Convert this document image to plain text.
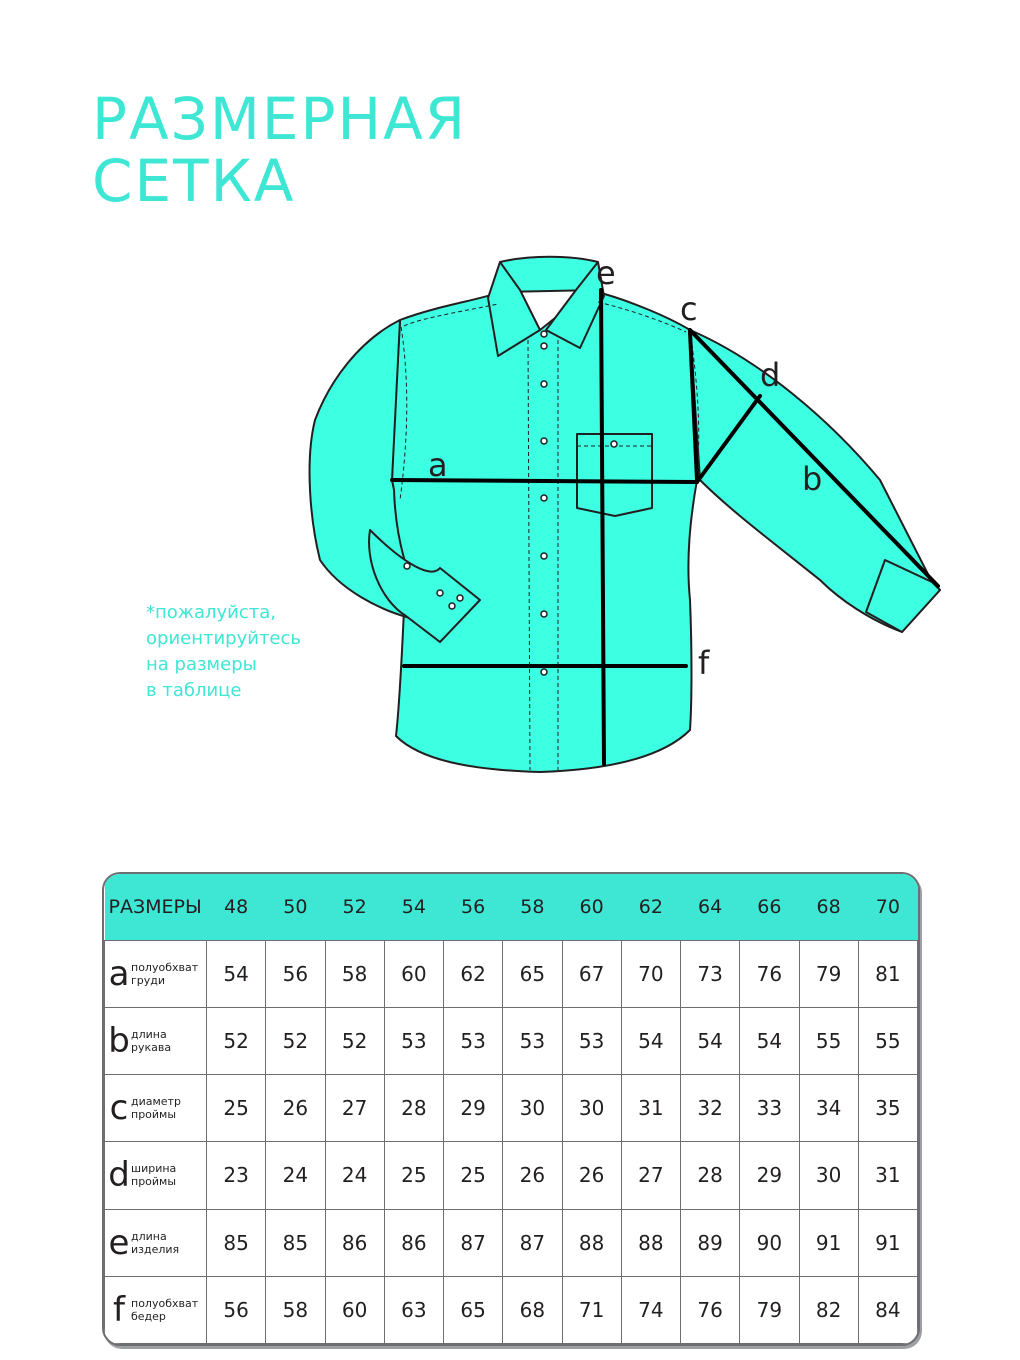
РАЗМЕРНАЯ
СЕТКА
*пожалуйста,
ориентируйтесь
на размеры
в таблице
a	b
c
d
e
f
РАЗМЕРЫ	48	50	52	54	56	58	60	62	64	66	68	70
a полуобхват
груди	54	56	58	60	62	65	67	70	73	76	79	81
b длина
рукава	52	52	52	53	53	53	53	54	54	54	55	55
c диаметр
проймы	25	26	27	28	29	30	30	31	32	33	34	35
d ширина
проймы	23	24	24	25	25	26	26	27	28	29	30	31
e длина
изделия	85	85	86	86	87	87	88	88	89	90	91	91
f полуобхват
бедер	56	58	60	63	65	68	71	74	76	79	82	84
